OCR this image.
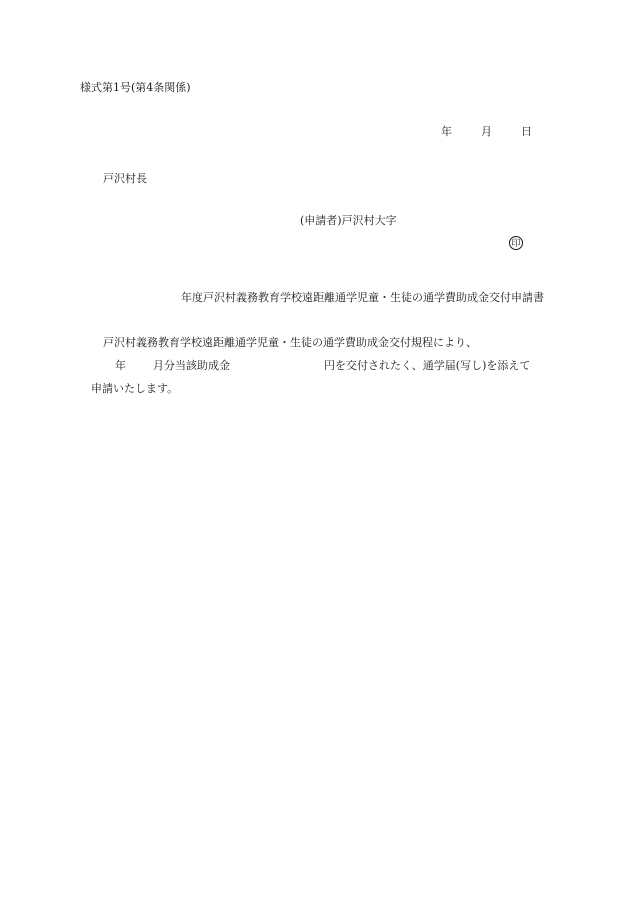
様式第1号(第4条関係)
年	月	日
戸沢村長
(申請者)戸沢村大字
印
年度戸沢村義務教育学校遠距離通学児童・生徒の通学費助成金交付申請書
戸沢村義務教育学校遠距離通学児童・生徒の通学費助成金交付規程により、
年 月分当該助成金	円を交付されたく、通学届(写し)を添えて
申請いたします。
